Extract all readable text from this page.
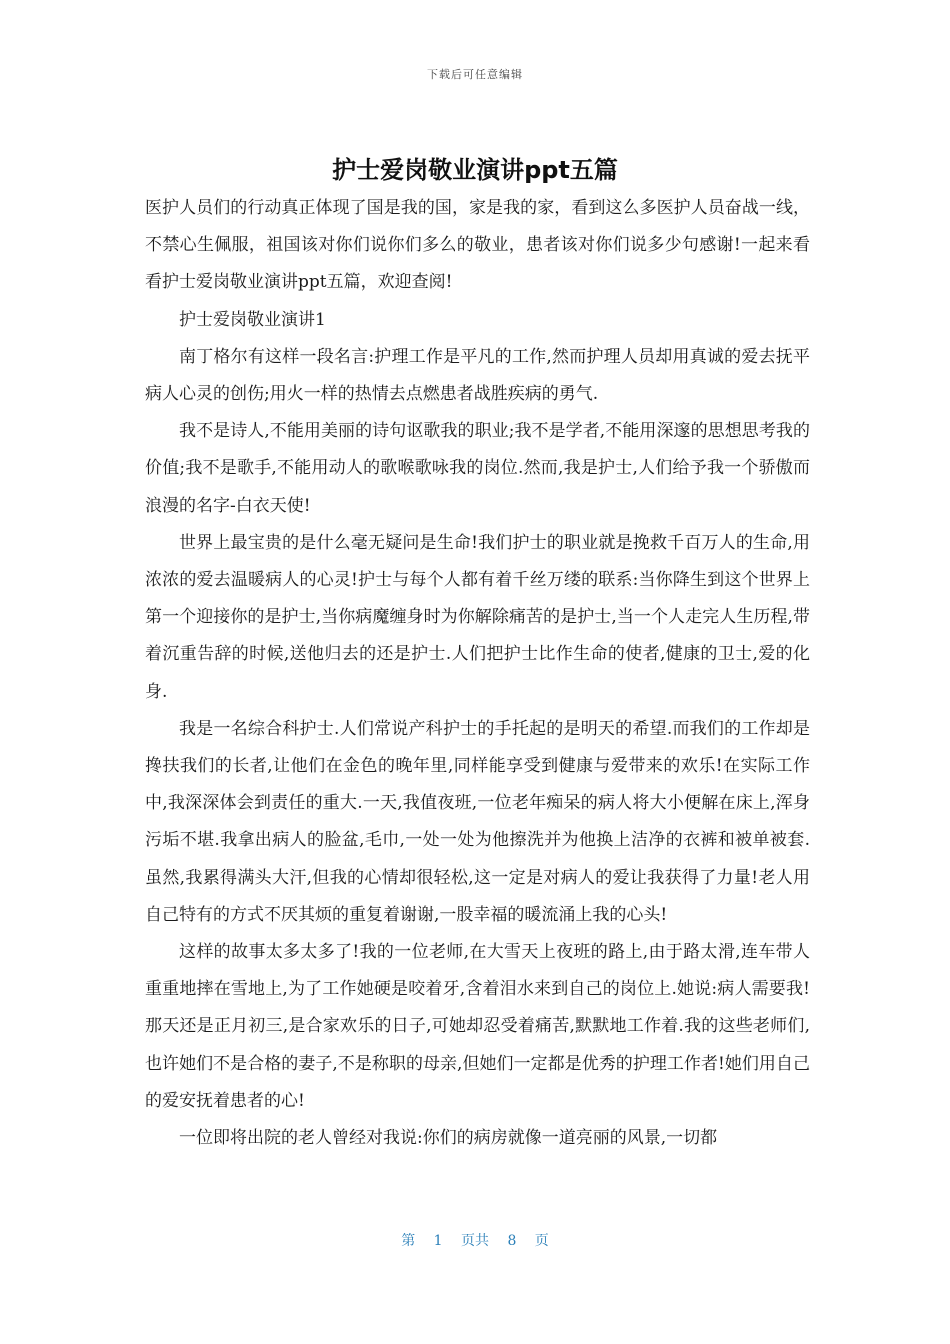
下载后可任意编辑
护士爱岗敬业演讲ppt五篇

医护人员们的行动真正体现了国是我的国，家是我的家，看到这么多医护人员奋战一线，不禁心生佩服，祖国该对你们说你们多么的敬业，患者该对你们说多少句感谢!一起来看看护士爱岗敬业演讲ppt五篇，欢迎查阅!

护士爱岗敬业演讲1

南丁格尔有这样一段名言:护理工作是平凡的工作,然而护理人员却用真诚的爱去抚平病人心灵的创伤;用火一样的热情去点燃患者战胜疾病的勇气.

我不是诗人,不能用美丽的诗句讴歌我的职业;我不是学者,不能用深邃的思想思考我的价值;我不是歌手,不能用动人的歌喉歌咏我的岗位.然而,我是护士,人们给予我一个骄傲而浪漫的名字-白衣天使!

世界上最宝贵的是什么毫无疑问是生命!我们护士的职业就是挽救千百万人的生命,用浓浓的爱去温暖病人的心灵!护士与每个人都有着千丝万缕的联系:当你降生到这个世界上第一个迎接你的是护士,当你病魔缠身时为你解除痛苦的是护士,当一个人走完人生历程,带着沉重告辞的时候,送他归去的还是护士.人们把护士比作生命的使者,健康的卫士,爱的化身.

我是一名综合科护士.人们常说产科护士的手托起的是明天的希望.而我们的工作却是搀扶我们的长者,让他们在金色的晚年里,同样能享受到健康与爱带来的欢乐!在实际工作中,我深深体会到责任的重大.一天,我值夜班,一位老年痴呆的病人将大小便解在床上,浑身污垢不堪.我拿出病人的脸盆,毛巾,一处一处为他擦洗并为他换上洁净的衣裤和被单被套.虽然,我累得满头大汗,但我的心情却很轻松,这一定是对病人的爱让我获得了力量!老人用自己特有的方式不厌其烦的重复着谢谢,一股幸福的暖流涌上我的心头!

这样的故事太多太多了!我的一位老师,在大雪天上夜班的路上,由于路太滑,连车带人重重地摔在雪地上,为了工作她硬是咬着牙,含着泪水来到自己的岗位上.她说:病人需要我!那天还是正月初三,是合家欢乐的日子,可她却忍受着痛苦,默默地工作着.我的这些老师们,也许她们不是合格的妻子,不是称职的母亲,但她们一定都是优秀的护理工作者!她们用自己的爱安抚着患者的心!

一位即将出院的老人曾经对我说:你们的病房就像一道亮丽的风景,一切都

第 1 页共 8 页
